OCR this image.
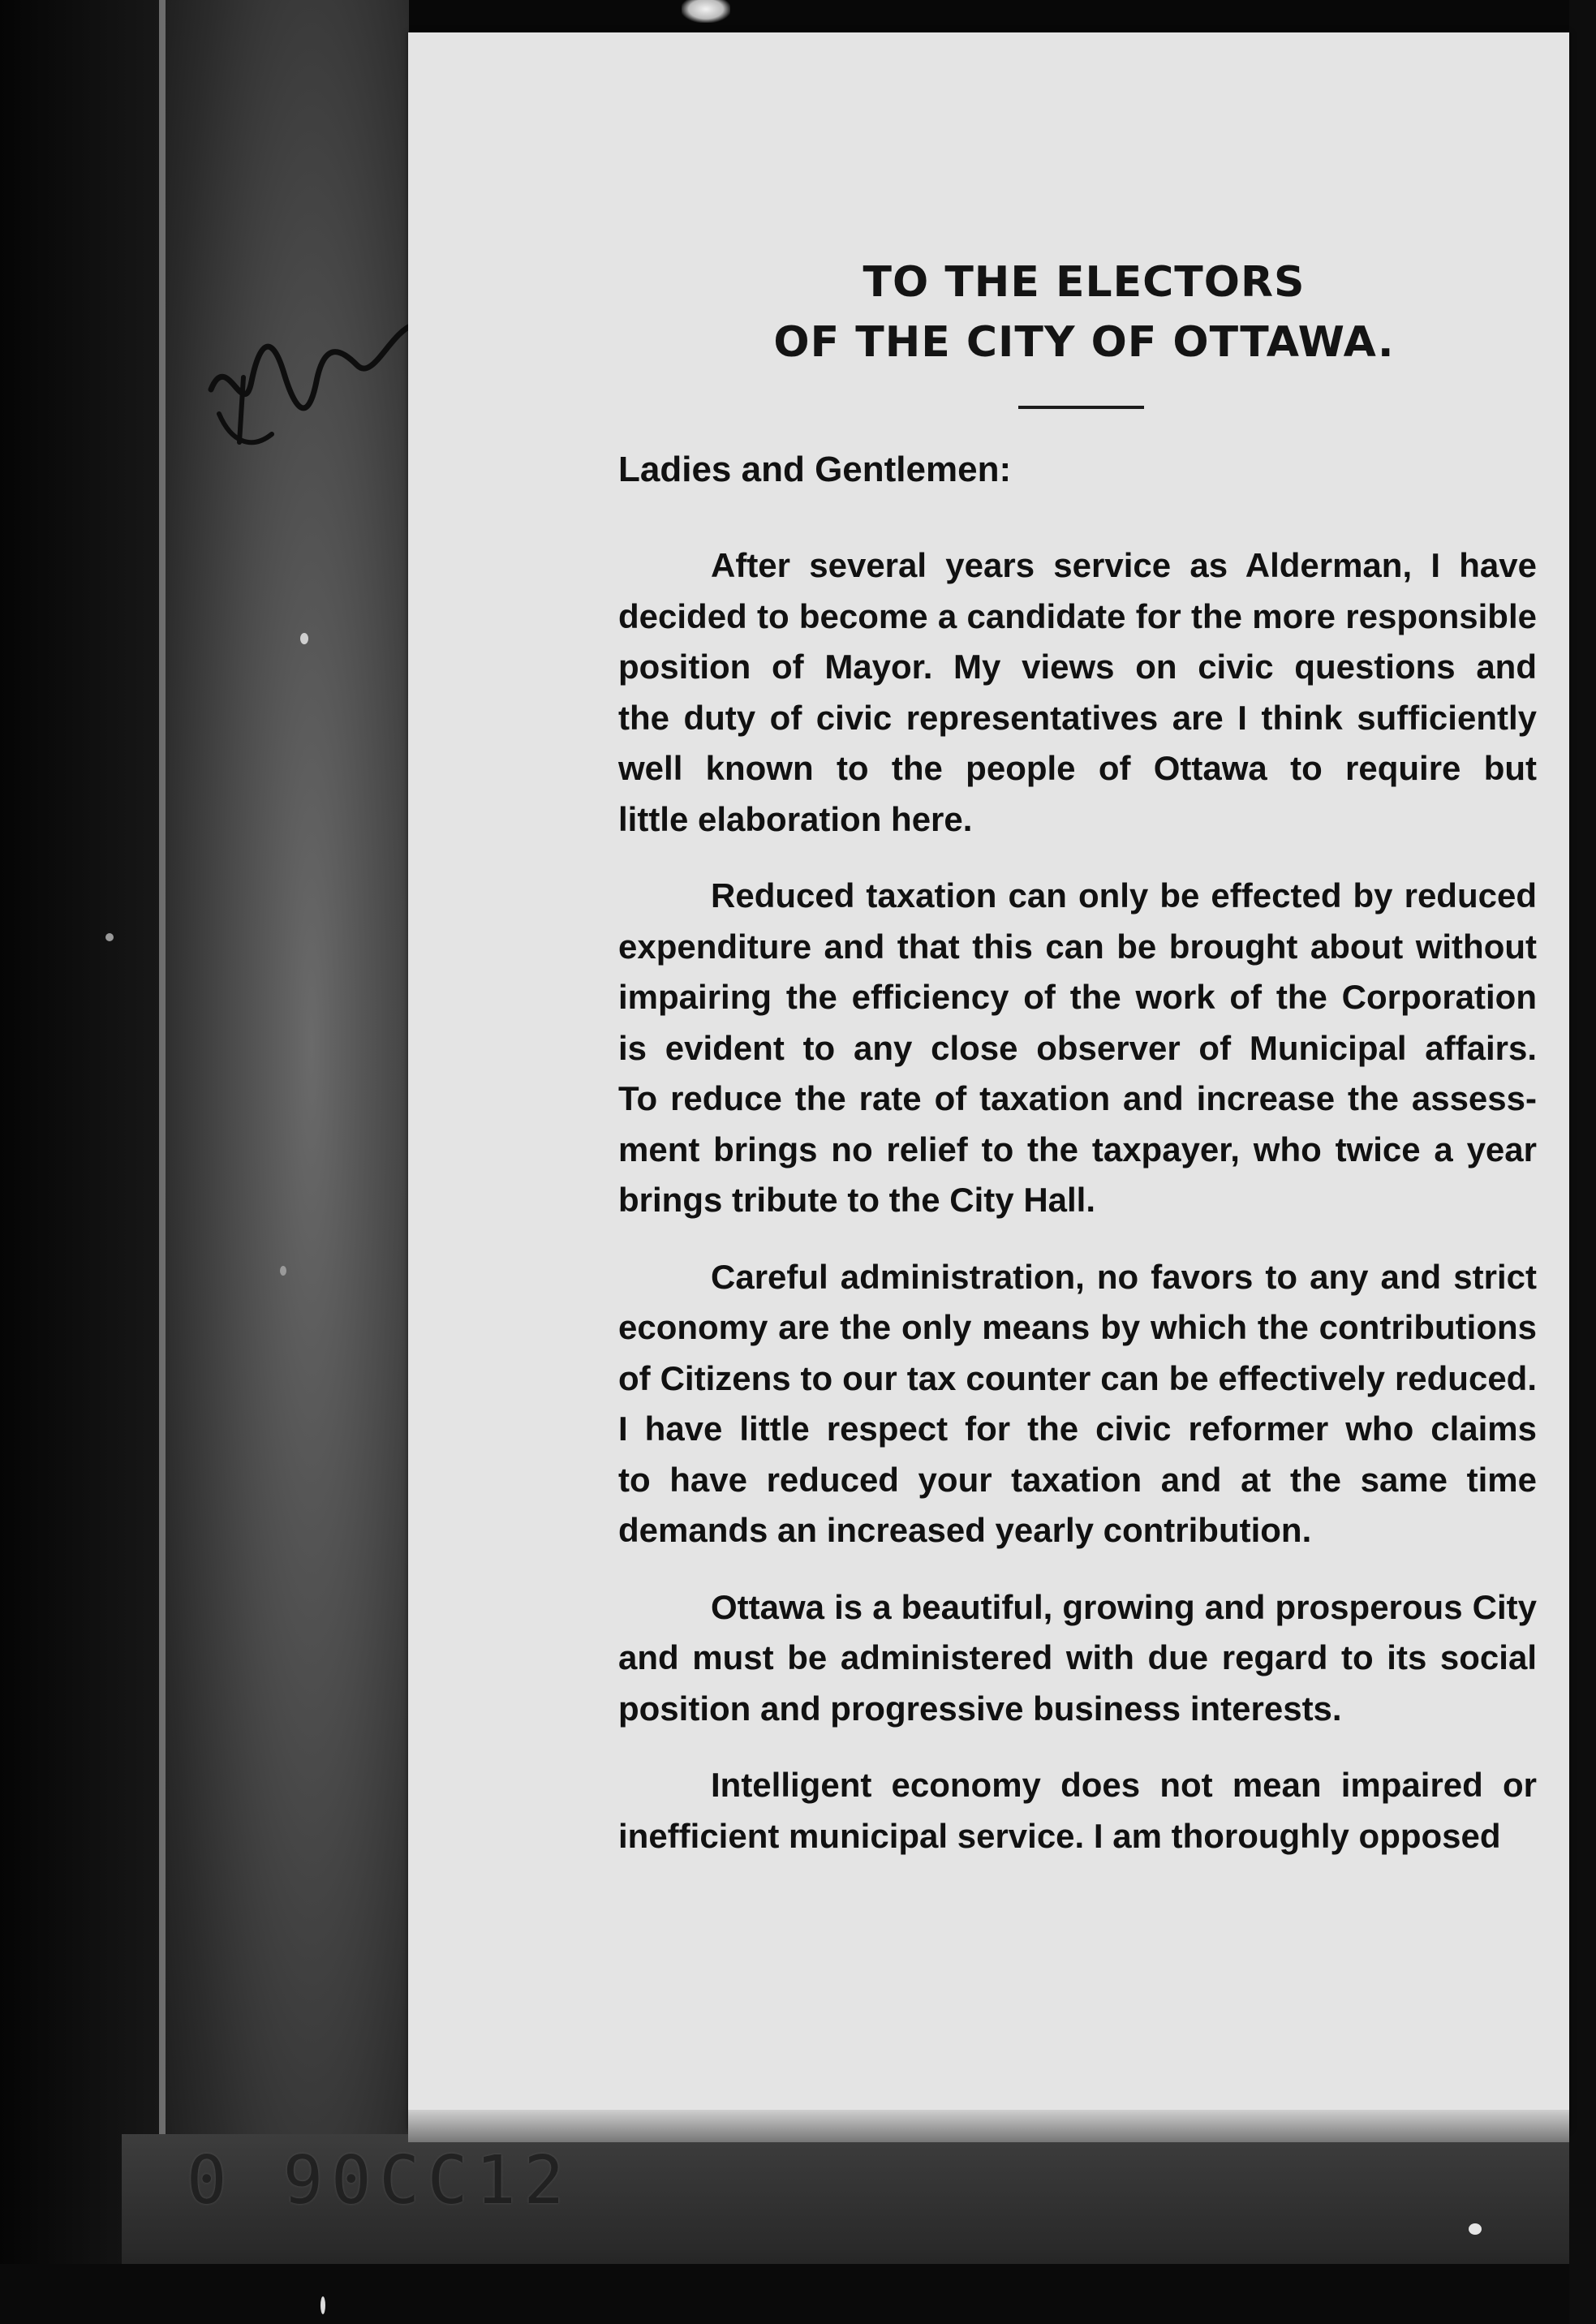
TO THE ELECTORS
OF THE CITY OF OTTAWA.
Ladies and Gentlemen:
After several years service as Alderman, I have
decided to become a candidate for the more responsible
position of Mayor. My views on civic questions and
the duty of civic representatives are I think sufficiently
well known to the people of Ottawa to require but
little elaboration here.
Reduced taxation can only be effected by reduced
expenditure and that this can be brought about without
impairing the efficiency of the work of the Corporation
is evident to any close observer of Municipal affairs.
To reduce the rate of taxation and increase the assess-
ment brings no relief to the taxpayer, who twice a year
brings tribute to the City Hall.
Careful administration, no favors to any and strict
economy are the only means by which the contributions
of Citizens to our tax counter can be effectively reduced.
I have little respect for the civic reformer who claims
to have reduced your taxation and at the same time
demands an increased yearly contribution.
Ottawa is a beautiful, growing and prosperous City
and must be administered with due regard to its social
position and progressive business interests.
Intelligent economy does not mean impaired or
inefficient municipal service. I am thoroughly opposed
0 90CC12
